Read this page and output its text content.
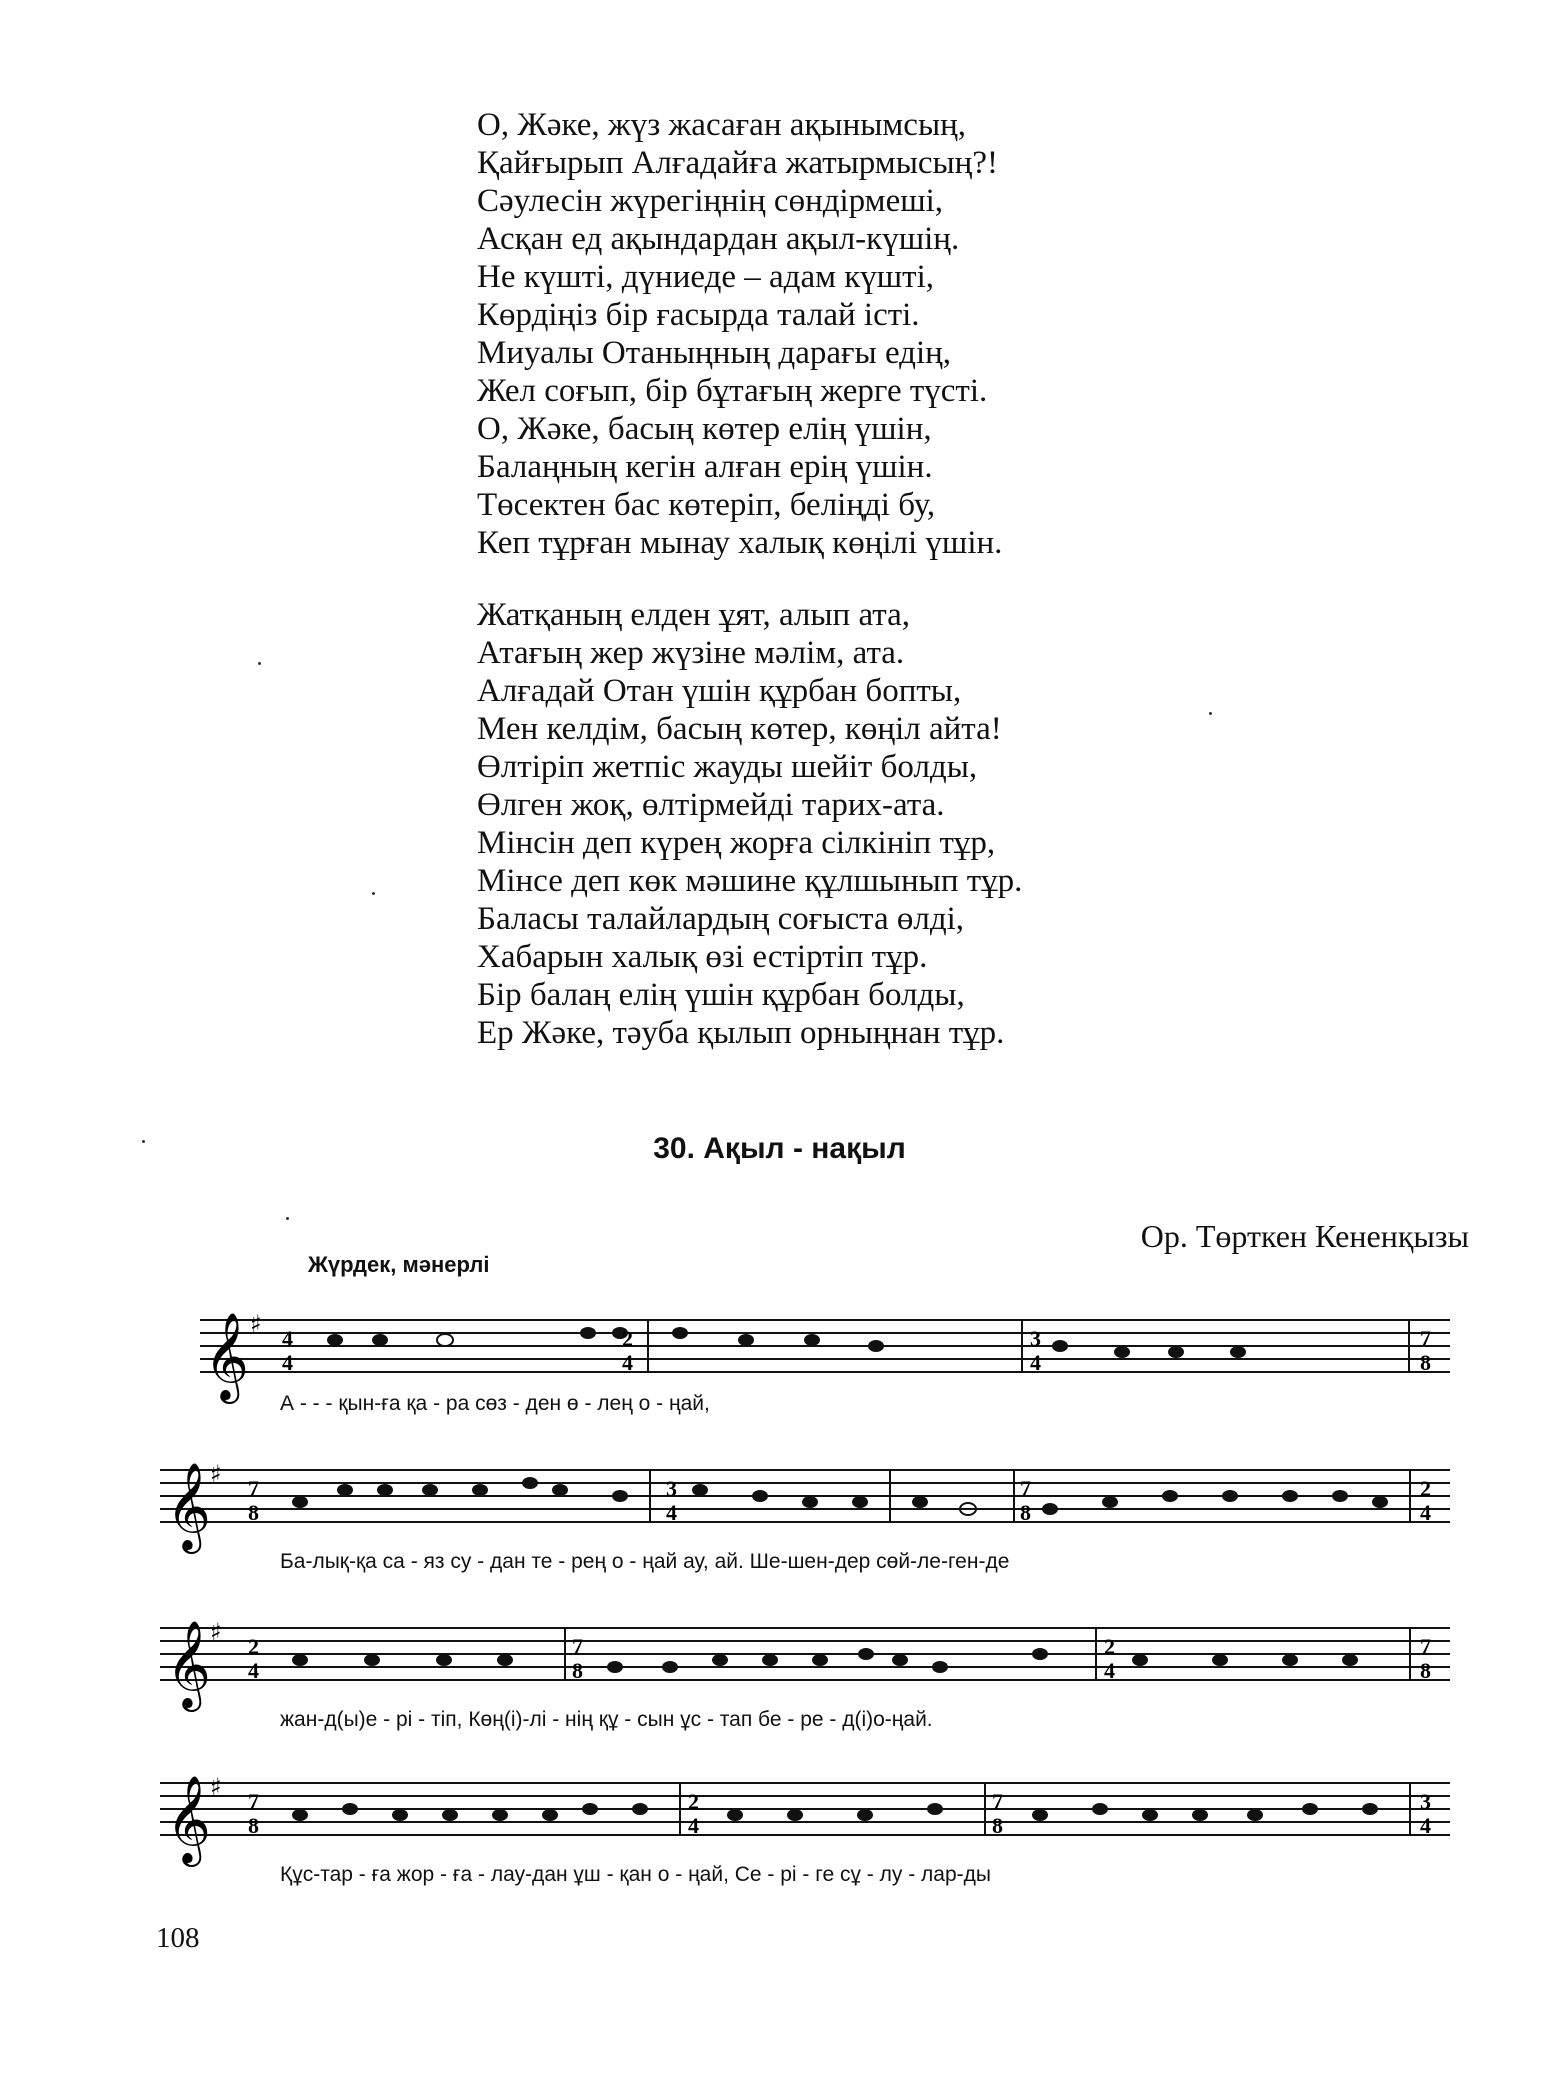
О, Жәке, жүз жасаған ақынымсың,
Қайғырып Алғадайға жатырмысың?!
Сәулесін жүрегіңнің сөндірмеші,
Асқан ед ақындардан ақыл-күшің.
Не күшті, дүниеде – адам күшті,
Көрдіңіз бір ғасырда талай істі.
Миуалы Отаныңның дарағы едің,
Жел соғып, бір бұтағың жерге түсті.
О, Жәке, басың көтер елің үшін,
Балаңның кегін алған ерің үшін.
Төсектен бас көтеріп, беліңді бу,
Кеп тұрған мынау халық көңілі үшін.
Жатқаның елден ұят, алып ата,
Атағың жер жүзіне мәлім, ата.
Алғадай Отан үшін құрбан бопты,
Мен келдім, басың көтер, көңіл айта!
Өлтіріп жетпіс жауды шейіт болды,
Өлген жоқ, өлтірмейді тарих-ата.
Мінсін деп күрең жорға сілкініп тұр,
Мінсе деп көк мәшине құлшынып тұр.
Баласы талайлардың соғыста өлді,
Хабарын халық өзі естіртіп тұр.
Бір балаң елің үшін құрбан болды,
Ер Жәке, тәуба қылып орныңнан тұр.
30. Ақыл - нақыл
Ор. Төрткен Кененқызы
Жүрдек, мәнерлі
𝄞 ♯
4
4
2
4
3
4
7
8
А - - - қын-ға қа - ра сөз - ден ө - лең о - ңай,
𝄞 ♯
7
8
3
4
7
8
2
4
Ба-лық-қа са - яз су - дан те - рең о - ңай ау, ай. Ше-шен-дер сөй-ле-ген-де
𝄞 ♯
2
4
7
8
2
4
7
8
жан-д(ы)е - рі - тіп, Көң(і)-лі - нің құ - сын ұс - тап бе - ре - д(і)о-ңай.
𝄞 ♯
7
8
2
4
7
8
3
4
Құс-тар - ға жор - ға - лау-дан ұш - қан о - ңай, Се - рі - ге сұ - лу - лар-ды
108
